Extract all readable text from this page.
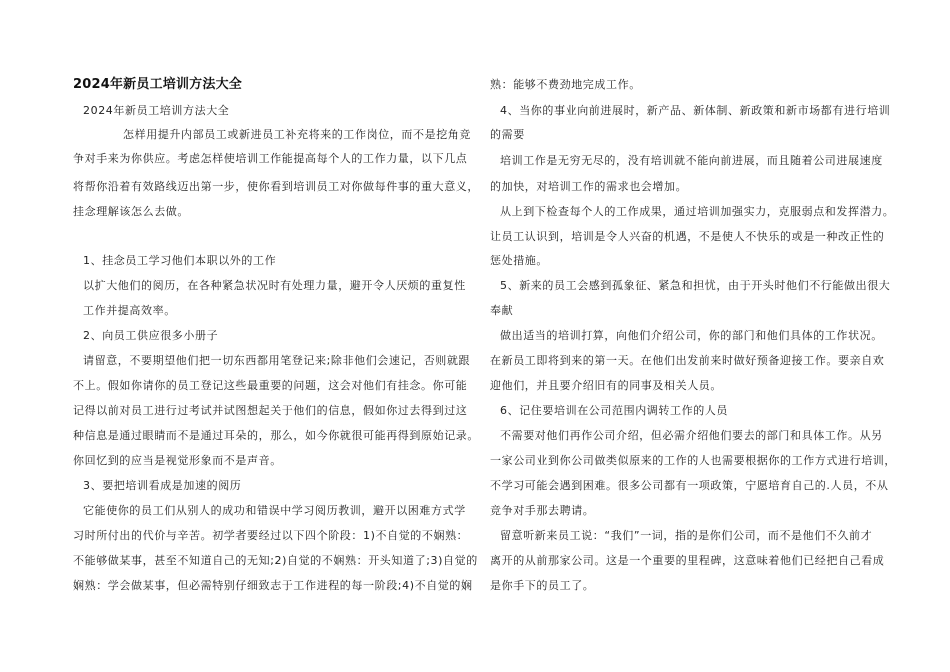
2024年新员工培训方法大全
2024年新员工培训方法大全
怎样用提升内部员工或新进员工补充将来的工作岗位，而不是挖角竞
争对手来为你供应。考虑怎样使培训工作能提高每个人的工作力量，以下几点
将帮你沿着有效路线迈出第一步，使你看到培训员工对你做每件事的重大意义，
挂念理解该怎么去做。
1、挂念员工学习他们本职以外的工作
以扩大他们的阅历，在各种紧急状况时有处理力量，避开令人厌烦的重复性
工作并提高效率。
2、向员工供应很多小册子
请留意，不要期望他们把一切东西都用笔登记来;除非他们会速记，否则就跟
不上。假如你请你的员工登记这些最重要的问题，这会对他们有挂念。你可能
记得以前对员工进行过考试并试图想起关于他们的信息，假如你过去得到过这
种信息是通过眼睛而不是通过耳朵的，那么，如今你就很可能再得到原始记录。
你回忆到的应当是视觉形象而不是声音。
3、要把培训看成是加速的阅历
它能使你的员工们从别人的成功和错误中学习阅历教训，避开以困难方式学
习时所付出的代价与辛苦。初学者要经过以下四个阶段：1)不自觉的不娴熟：
不能够做某事，甚至不知道自己的无知;2)自觉的不娴熟：开头知道了;3)自觉的
娴熟：学会做某事，但必需特别仔细致志于工作进程的每一阶段;4)不自觉的娴
熟：能够不费劲地完成工作。
4、当你的事业向前进展时，新产品、新体制、新政策和新市场都有进行培训
的需要
培训工作是无穷无尽的，没有培训就不能向前进展，而且随着公司进展速度
的加快，对培训工作的需求也会增加。
从上到下检查每个人的工作成果，通过培训加强实力，克服弱点和发挥潜力。
让员工认识到，培训是令人兴奋的机遇，不是使人不快乐的或是一种改正性的
惩处措施。
5、新来的员工会感到孤象征、紧急和担忧，由于开头时他们不行能做出很大
奉献
做出适当的培训打算，向他们介绍公司，你的部门和他们具体的工作状况。
在新员工即将到来的第一天。在他们出发前来时做好预备迎接工作。要亲自欢
迎他们，并且要介绍旧有的同事及相关人员。
6、记住要培训在公司范围内调转工作的人员
不需要对他们再作公司介绍，但必需介绍他们要去的部门和具体工作。从另
一家公司业到你公司做类似原来的工作的人也需要根据你的工作方式进行培训，
不学习可能会遇到困难。很多公司都有一项政策，宁愿培育自己的.人员，不从
竞争对手那去聘请。
留意听新来员工说：“我们”一词，指的是你们公司，而不是他们不久前才
离开的从前那家公司。这是一个重要的里程碑，这意味着他们已经把自己看成
是你手下的员工了。
